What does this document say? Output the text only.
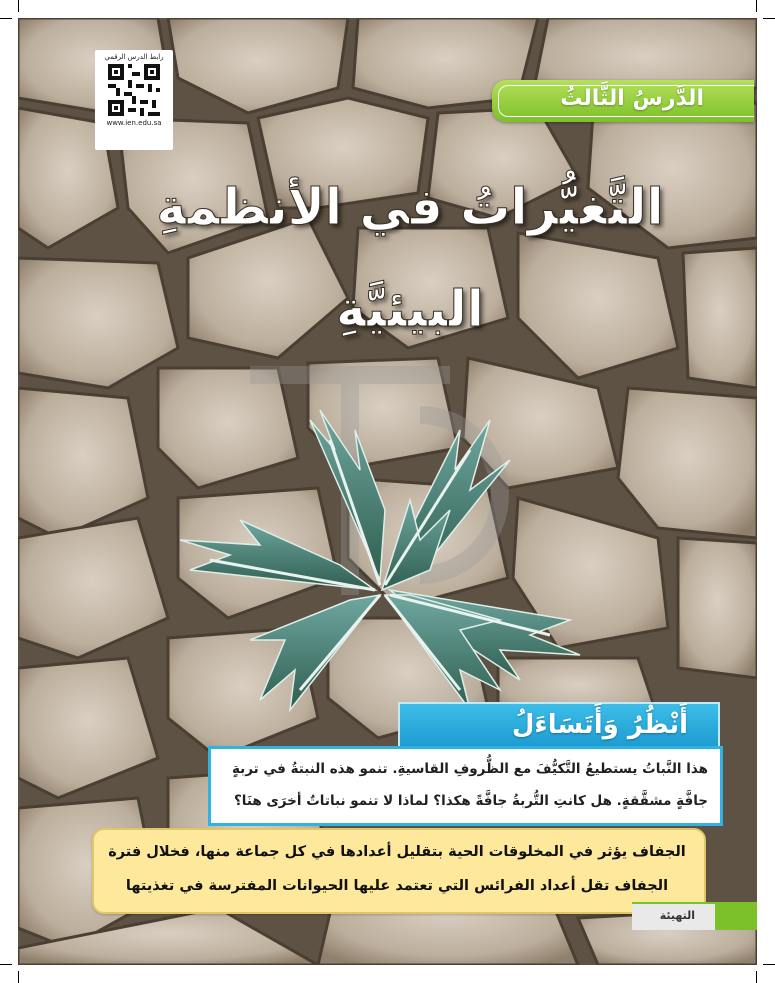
رابط الدرس الرقمي
www.ien.edu.sa
الدَّرسُ الثَّالثُ
التَّغيُّراتُ في الأنظمةِ
البيئيَّةِ
أَنْظُرُ وَأَتَسَاءَلُ
هذا النَّباتُ يستطيعُ التَّكيُّفَ مع الظُّروفِ القاسيةِ. تنمو هذه النبتةُ في تربةٍ
جافَّةٍ مشقَّقةٍ. هل كانتِ التُّربةُ جافَّةً هكذا؟ لماذا لا تنمو نباتاتٌ أخرَى هنَا؟
الجفاف يؤثر في المخلوقات الحية بتقليل أعدادها في كل جماعة منها، فخلال فترة
الجفاف تقل أعداد الفرائس التي تعتمد عليها الحيوانات المفترسة في تغذيتها
التهيئة
